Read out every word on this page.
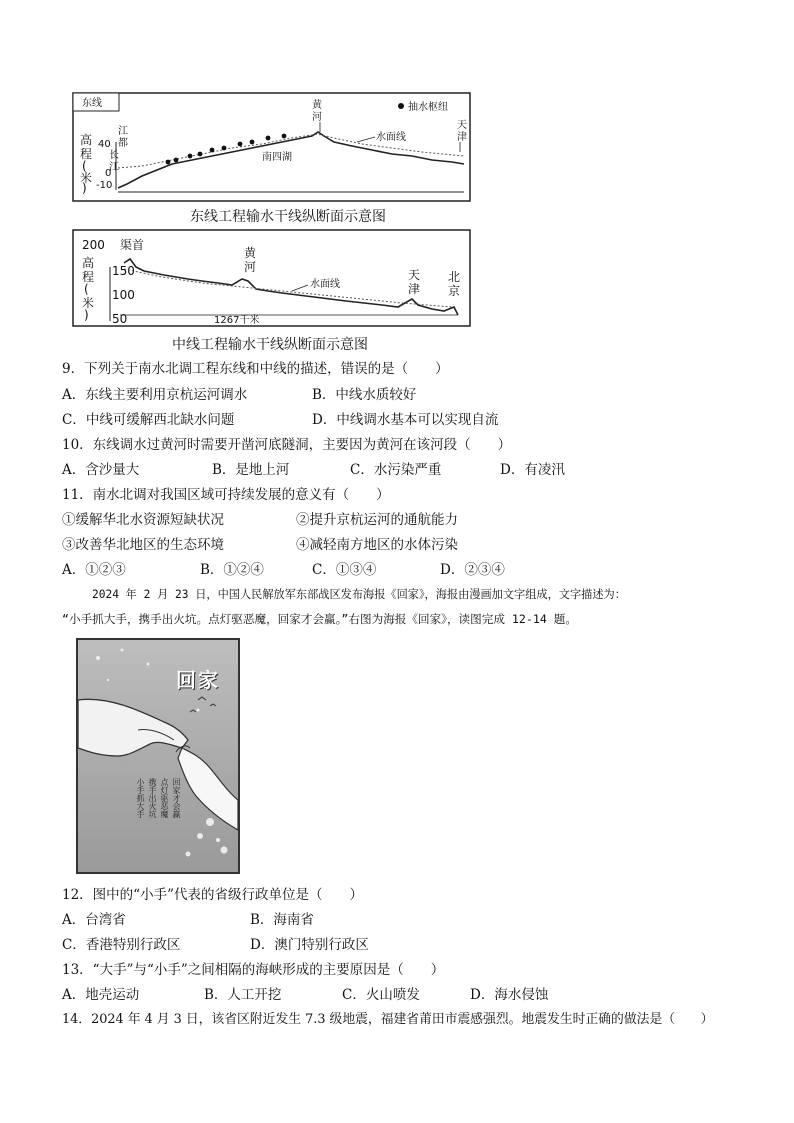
东线	抽水枢纽
高
程
(
米
)
40
0
-10
江
都
长
江
黄
河
天
津
水面线
南四湖
东线工程输水干线纵断面示意图
200
150
100
50
高
程
(
米
)
渠首
黄
河
天
津
北
京
水面线
1267千米
中线工程输水干线纵断面示意图
9．下列关于南水北调工程东线和中线的描述，错误的是（　　）
A．东线主要利用京杭运河调水	B．中线水质较好
C．中线可缓解西北缺水问题	D．中线调水基本可以实现自流
10．东线调水过黄河时需要开凿河底隧洞，主要因为黄河在该河段（　　）
A．含沙量大	B．是地上河	C．水污染严重	D．有凌汛
11．南水北调对我国区域可持续发展的意义有（　　）
①缓解华北水资源短缺状况	②提升京杭运河的通航能力
③改善华北地区的生态环境	④减轻南方地区的水体污染
A．①②③	B．①②④	C．①③④	D．②③④
2024 年 2 月 23 日，中国人民解放军东部战区发布海报《回家》，海报由漫画加文字组成，文字描述为：
“小手抓大手，携手出火坑。点灯驱恶魔，回家才会赢。”右图为海报《回家》，读图完成 12-14 题。
回家
小手抓大手 携手出火坑 点灯驱恶魔 回家才会赢
12．图中的“小手”代表的省级行政单位是（　　）
A．台湾省	B．海南省
C．香港特别行政区	D．澳门特别行政区
13．“大手”与“小手”之间相隔的海峡形成的主要原因是（　　）
A．地壳运动	B．人工开挖	C．火山喷发	D．海水侵蚀
14．2024 年 4 月 3 日，该省区附近发生 7.3 级地震，福建省莆田市震感强烈。地震发生时正确的做法是（　　）
